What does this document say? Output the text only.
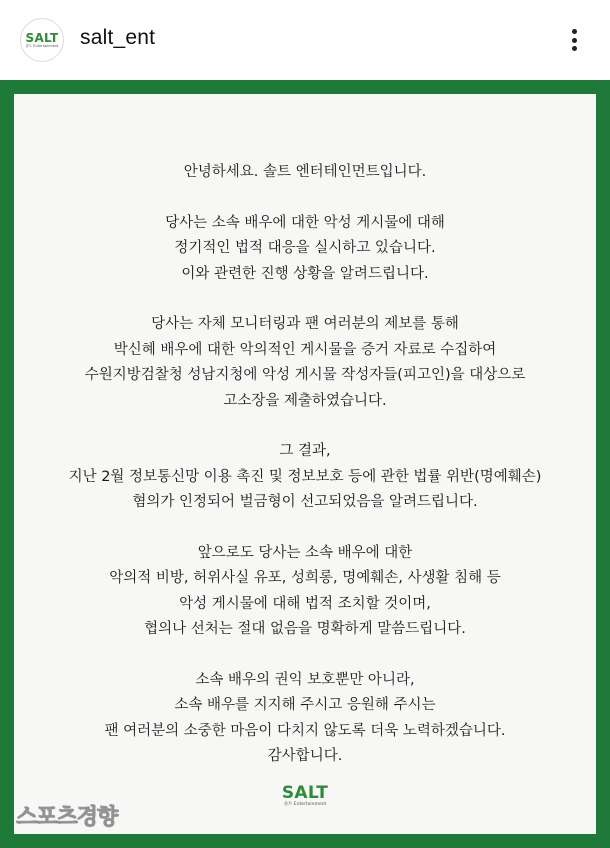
SALT
솔트 Entertainment salt_ent
안녕하세요. 솔트 엔터테인먼트입니다.
당사는 소속 배우에 대한 악성 게시물에 대해
정기적인 법적 대응을 실시하고 있습니다.
이와 관련한 진행 상황을 알려드립니다.
당사는 자체 모니터링과 팬 여러분의 제보를 통해
박신혜 배우에 대한 악의적인 게시물을 증거 자료로 수집하여
수원지방검찰청 성남지청에 악성 게시물 작성자들(피고인)을 대상으로
고소장을 제출하였습니다.
그 결과,
지난 2월 정보통신망 이용 촉진 및 정보보호 등에 관한 법률 위반(명예훼손)
혐의가 인정되어 벌금형이 선고되었음을 알려드립니다.
앞으로도 당사는 소속 배우에 대한
악의적 비방, 허위사실 유포, 성희롱, 명예훼손, 사생활 침해 등
악성 게시물에 대해 법적 조치할 것이며,
협의나 선처는 절대 없음을 명확하게 말씀드립니다.
소속 배우의 권익 보호뿐만 아니라,
소속 배우를 지지해 주시고 응원해 주시는
팬 여러분의 소중한 마음이 다치지 않도록 더욱 노력하겠습니다.
감사합니다.
SALT
솔트 Entertainment
스포츠경향
